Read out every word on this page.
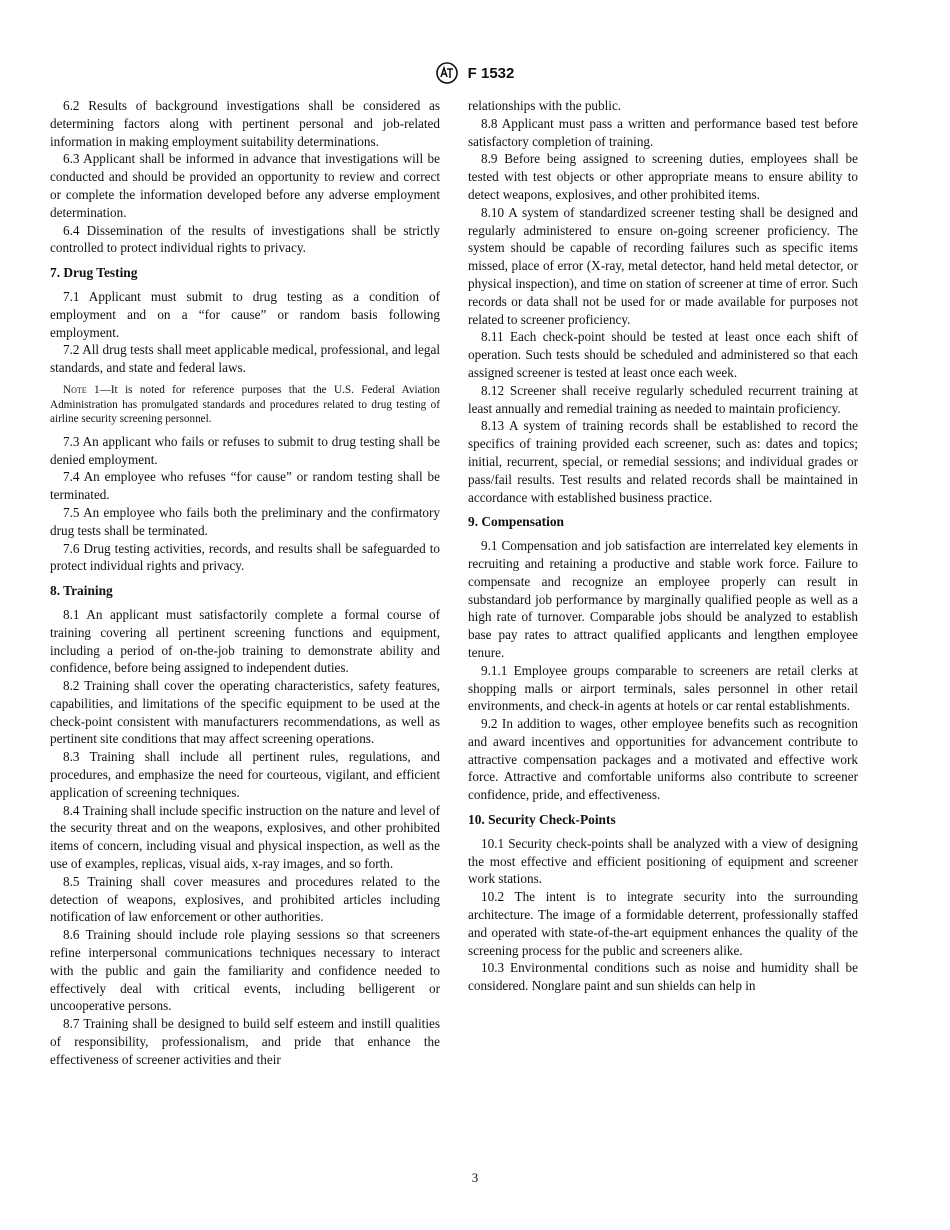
F 1532

6.2 Results of background investigations shall be considered as determining factors along with pertinent personal and job-related information in making employment suitability determinations.

6.3 Applicant shall be informed in advance that investigations will be conducted and should be provided an opportunity to review and correct or complete the information developed before any adverse employment determination.

6.4 Dissemination of the results of investigations shall be strictly controlled to protect individual rights to privacy.

7. Drug Testing

7.1 Applicant must submit to drug testing as a condition of employment and on a “for cause” or random basis following employment.

7.2 All drug tests shall meet applicable medical, professional, and legal standards, and state and federal laws.

Note 1—It is noted for reference purposes that the U.S. Federal Aviation Administration has promulgated standards and procedures related to drug testing of airline security screening personnel.

7.3 An applicant who fails or refuses to submit to drug testing shall be denied employment.

7.4 An employee who refuses “for cause” or random testing shall be terminated.

7.5 An employee who fails both the preliminary and the confirmatory drug tests shall be terminated.

7.6 Drug testing activities, records, and results shall be safeguarded to protect individual rights and privacy.

8. Training

8.1 An applicant must satisfactorily complete a formal course of training covering all pertinent screening functions and equipment, including a period of on-the-job training to demonstrate ability and confidence, before being assigned to independent duties.

8.2 Training shall cover the operating characteristics, safety features, capabilities, and limitations of the specific equipment to be used at the check-point consistent with manufacturers recommendations, as well as pertinent site conditions that may affect screening operations.

8.3 Training shall include all pertinent rules, regulations, and procedures, and emphasize the need for courteous, vigilant, and efficient application of screening techniques.

8.4 Training shall include specific instruction on the nature and level of the security threat and on the weapons, explosives, and other prohibited items of concern, including visual and physical inspection, as well as the use of examples, replicas, visual aids, x-ray images, and so forth.

8.5 Training shall cover measures and procedures related to the detection of weapons, explosives, and prohibited articles including notification of law enforcement or other authorities.

8.6 Training should include role playing sessions so that screeners refine interpersonal communications techniques necessary to interact with the public and gain the familiarity and confidence needed to effectively deal with critical events, including belligerent or uncooperative persons.

8.7 Training shall be designed to build self esteem and instill qualities of responsibility, professionalism, and pride that enhance the effectiveness of screener activities and their

relationships with the public.

8.8 Applicant must pass a written and performance based test before satisfactory completion of training.

8.9 Before being assigned to screening duties, employees shall be tested with test objects or other appropriate means to ensure ability to detect weapons, explosives, and other prohibited items.

8.10 A system of standardized screener testing shall be designed and regularly administered to ensure on-going screener proficiency. The system should be capable of recording failures such as specific items missed, place of error (X-ray, metal detector, hand held metal detector, or physical inspection), and time on station of screener at time of error. Such records or data shall not be used for or made available for purposes not related to screener proficiency.

8.11 Each check-point should be tested at least once each shift of operation. Such tests should be scheduled and administered so that each assigned screener is tested at least once each week.

8.12 Screener shall receive regularly scheduled recurrent training at least annually and remedial training as needed to maintain proficiency.

8.13 A system of training records shall be established to record the specifics of training provided each screener, such as: dates and topics; initial, recurrent, special, or remedial sessions; and individual grades or pass/fail results. Test results and related records shall be maintained in accordance with established business practice.

9. Compensation

9.1 Compensation and job satisfaction are interrelated key elements in recruiting and retaining a productive and stable work force. Failure to compensate and recognize an employee properly can result in substandard job performance by marginally qualified people as well as a high rate of turnover. Comparable jobs should be analyzed to establish base pay rates to attract qualified applicants and lengthen employee tenure.

9.1.1 Employee groups comparable to screeners are retail clerks at shopping malls or airport terminals, sales personnel in other retail environments, and check-in agents at hotels or car rental establishments.

9.2 In addition to wages, other employee benefits such as recognition and award incentives and opportunities for advancement contribute to attractive compensation packages and a motivated and effective work force. Attractive and comfortable uniforms also contribute to screener confidence, pride, and effectiveness.

10. Security Check-Points

10.1 Security check-points shall be analyzed with a view of designing the most effective and efficient positioning of equipment and screener work stations.

10.2 The intent is to integrate security into the surrounding architecture. The image of a formidable deterrent, professionally staffed and operated with state-of-the-art equipment enhances the quality of the screening process for the public and screeners alike.

10.3 Environmental conditions such as noise and humidity shall be considered. Nonglare paint and sun shields can help in

3
